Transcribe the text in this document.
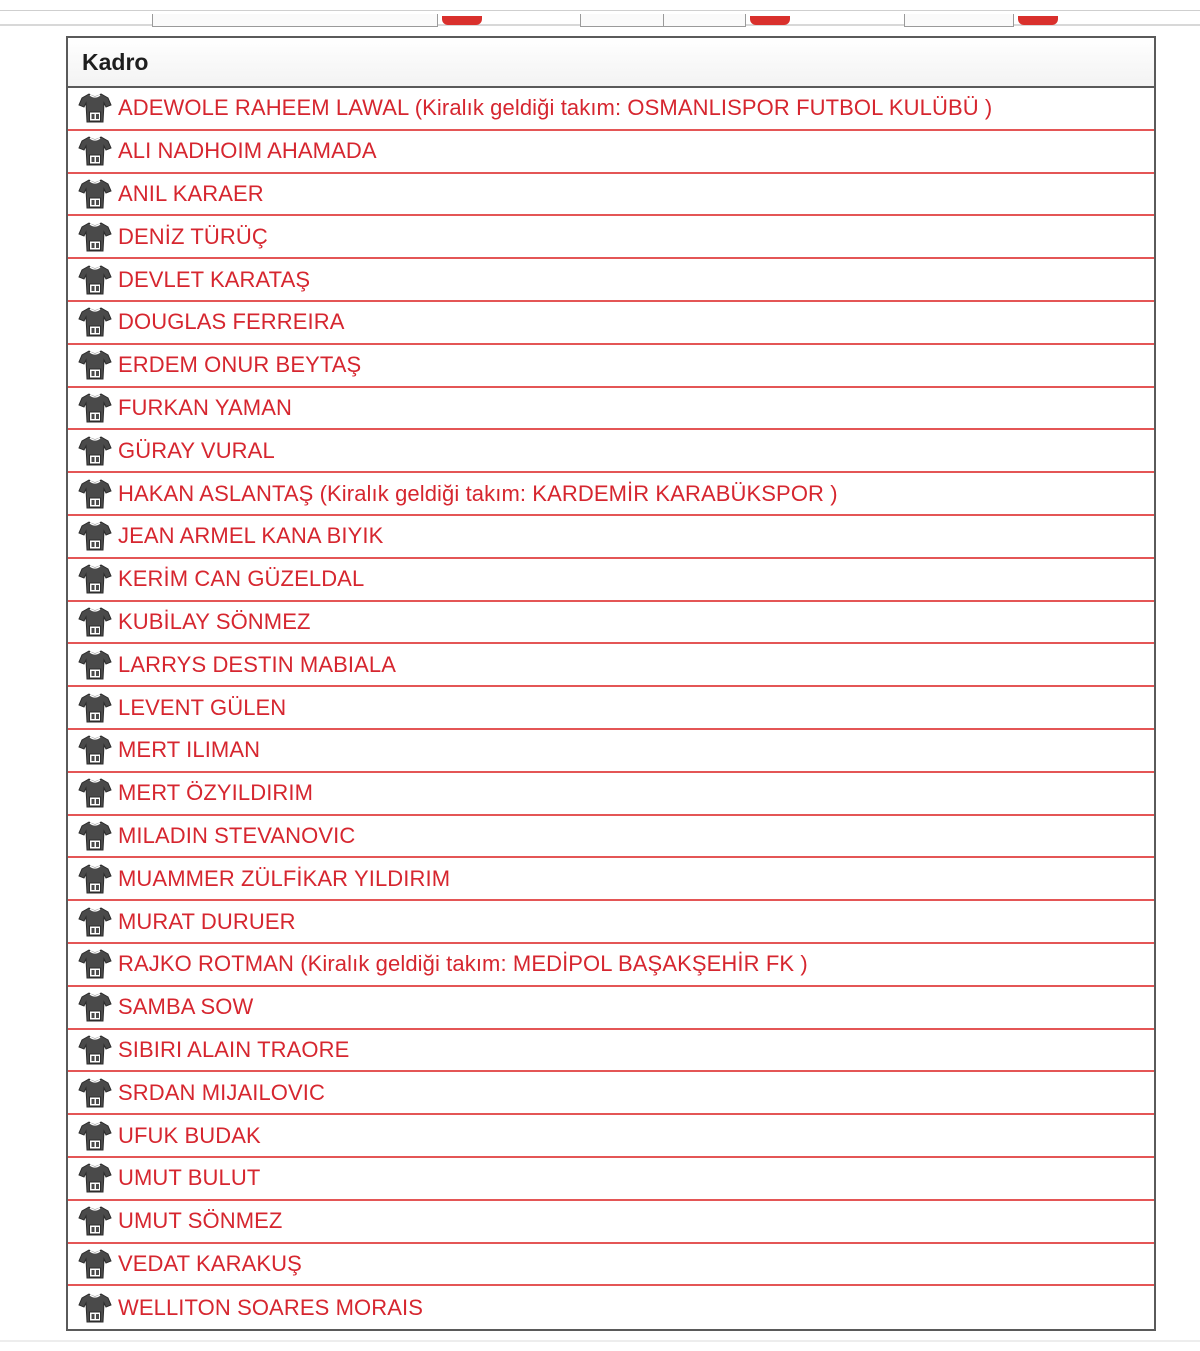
Kadro
ADEWOLE RAHEEM LAWAL (Kiralık geldiği takım: OSMANLISPOR FUTBOL KULÜBÜ )
ALI NADHOIM AHAMADA
ANIL KARAER
DENİZ TÜRÜÇ
DEVLET KARATAŞ
DOUGLAS FERREIRA
ERDEM ONUR BEYTAŞ
FURKAN YAMAN
GÜRAY VURAL
HAKAN ASLANTAŞ (Kiralık geldiği takım: KARDEMİR KARABÜKSPOR )
JEAN ARMEL KANA BIYIK
KERİM CAN GÜZELDAL
KUBİLAY SÖNMEZ
LARRYS DESTIN MABIALA
LEVENT GÜLEN
MERT ILIMAN
MERT ÖZYILDIRIM
MILADIN STEVANOVIC
MUAMMER ZÜLFİKAR YILDIRIM
MURAT DURUER
RAJKO ROTMAN (Kiralık geldiği takım: MEDİPOL BAŞAKŞEHİR FK )
SAMBA SOW
SIBIRI ALAIN TRAORE
SRDAN MIJAILOVIC
UFUK BUDAK
UMUT BULUT
UMUT SÖNMEZ
VEDAT KARAKUŞ
WELLITON SOARES MORAIS
